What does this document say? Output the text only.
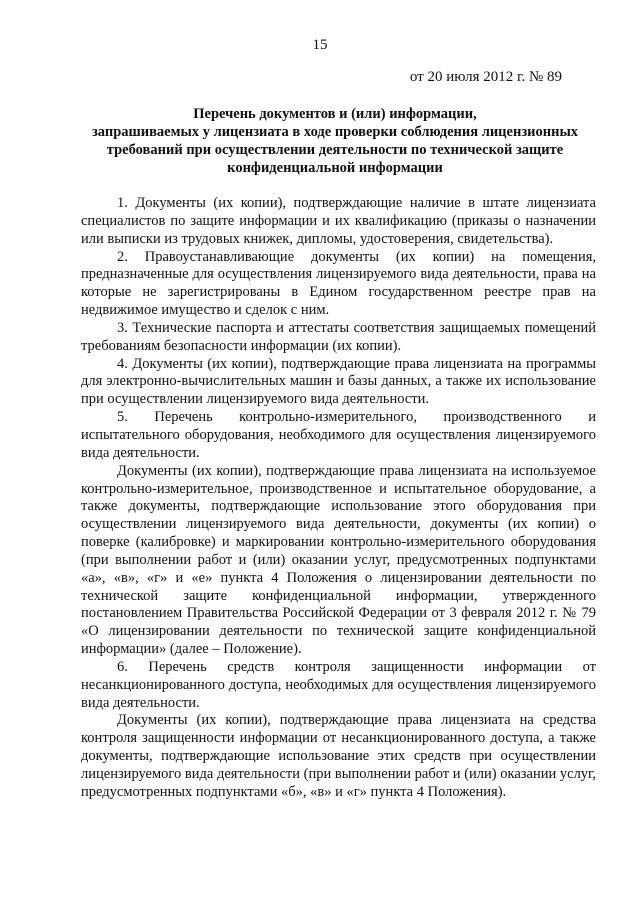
15
от 20 июля 2012 г. № 89
Перечень документов и (или) информации,
запрашиваемых у лицензиата в ходе проверки соблюдения лицензионных
требований при осуществлении деятельности по технической защите
конфиденциальной информации

1. Документы (их копии), подтверждающие наличие в штате лицензиата специалистов по защите информации и их квалификацию (приказы о назначении или выписки из трудовых книжек, дипломы, удостоверения, свидетельства).

2. Правоустанавливающие документы (их копии) на помещения, предназначенные для осуществления лицензируемого вида деятельности, права на которые не зарегистрированы в Едином государственном реестре прав на недвижимое имущество и сделок с ним.

3. Технические паспорта и аттестаты соответствия защищаемых помещений требованиям безопасности информации (их копии).

4. Документы (их копии), подтверждающие права лицензиата на программы для электронно-вычислительных машин и базы данных, а также их использование при осуществлении лицензируемого вида деятельности.

5. Перечень контрольно-измерительного, производственного и испытательного оборудования, необходимого для осуществления лицензируемого вида деятельности.

Документы (их копии), подтверждающие права лицензиата на используемое контрольно-измерительное, производственное и испытательное оборудование, а также документы, подтверждающие использование этого оборудования при осуществлении лицензируемого вида деятельности, документы (их копии) о поверке (калибровке) и маркировании контрольно-измерительного оборудования (при выполнении работ и (или) оказании услуг, предусмотренных подпунктами «а», «в», «г» и «е» пункта 4 Положения о лицензировании деятельности по технической защите конфиденциальной информации, утвержденного постановлением Правительства Российской Федерации от 3 февраля 2012 г. № 79 «О лицензировании деятельности по технической защите конфиденциальной информации» (далее – Положение).

6. Перечень средств контроля защищенности информации от несанкционированного доступа, необходимых для осуществления лицензируемого вида деятельности.

Документы (их копии), подтверждающие права лицензиата на средства контроля защищенности информации от несанкционированного доступа, а также документы, подтверждающие использование этих средств при осуществлении лицензируемого вида деятельности (при выполнении работ и (или) оказании услуг, предусмотренных подпунктами «б», «в» и «г» пункта 4 Положения).
